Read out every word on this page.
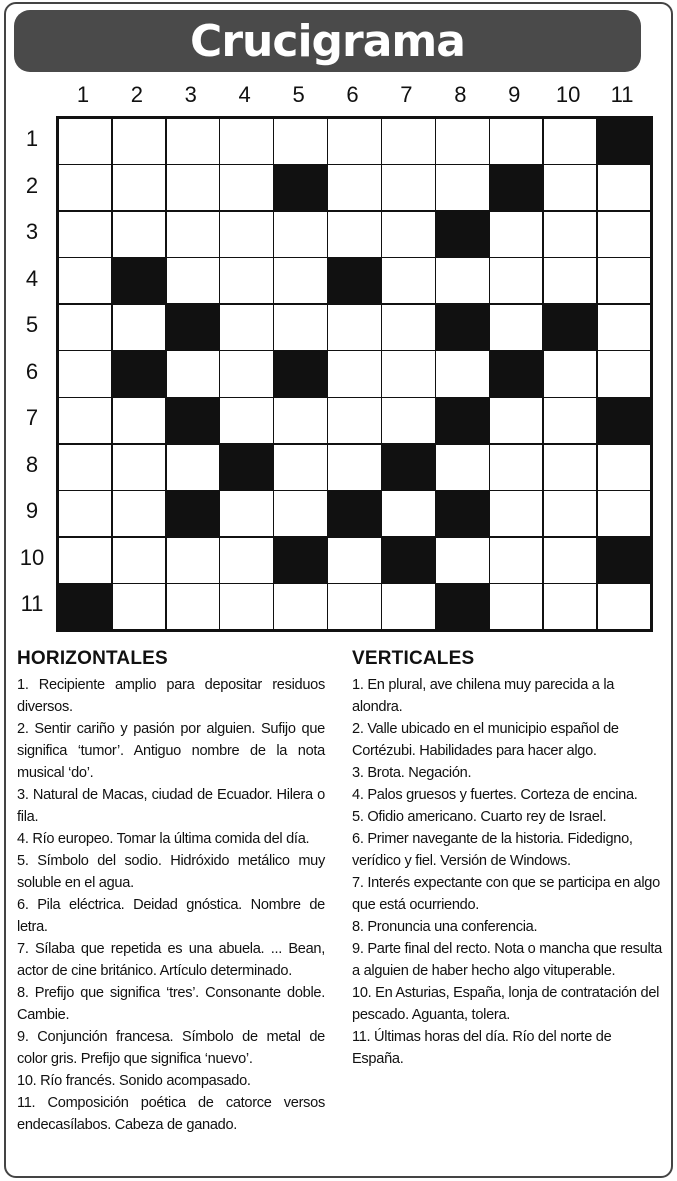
Crucigrama
1	2	3	4	5	6	7	8	9	10	11
1
2
3
4
5
6
7
8
9
10
11
HORIZONTALES
1. Recipiente amplio para depositar residuos diversos.
2. Sentir cariño y pasión por alguien. Sufijo que significa ‘tumor’. Antiguo nombre de la nota musical ‘do’.
3. Natural de Macas, ciudad de Ecuador. Hilera o fila.
4. Río europeo. Tomar la última comida del día.
5. Símbolo del sodio. Hidróxido metálico muy soluble en el agua.
6. Pila eléctrica. Deidad gnóstica. Nombre de letra.
7. Sílaba que repetida es una abuela. ... Bean, actor de cine británico. Artículo determinado.
8. Prefijo que significa ‘tres’. Consonante doble. Cambie.
9. Conjunción francesa. Símbolo de metal de color gris. Prefijo que significa ‘nuevo’.
10. Río francés. Sonido acompasado.
11. Composición poética de catorce versos endecasílabos. Cabeza de ganado.
VERTICALES
1. En plural, ave chilena muy parecida a la alondra.
2. Valle ubicado en el municipio español de Cortézubi. Habilidades para hacer algo.
3. Brota. Negación.
4. Palos gruesos y fuertes. Corteza de encina.
5. Ofidio americano. Cuarto rey de Israel.
6. Primer navegante de la historia. Fidedigno, verídico y fiel. Versión de Windows.
7. Interés expectante con que se participa en algo que está ocurriendo.
8. Pronuncia una conferencia.
9. Parte final del recto. Nota o mancha que resulta a alguien de haber hecho algo vituperable.
10. En Asturias, España, lonja de contratación del pescado. Aguanta, tolera.
11. Últimas horas del día. Río del norte de España.
